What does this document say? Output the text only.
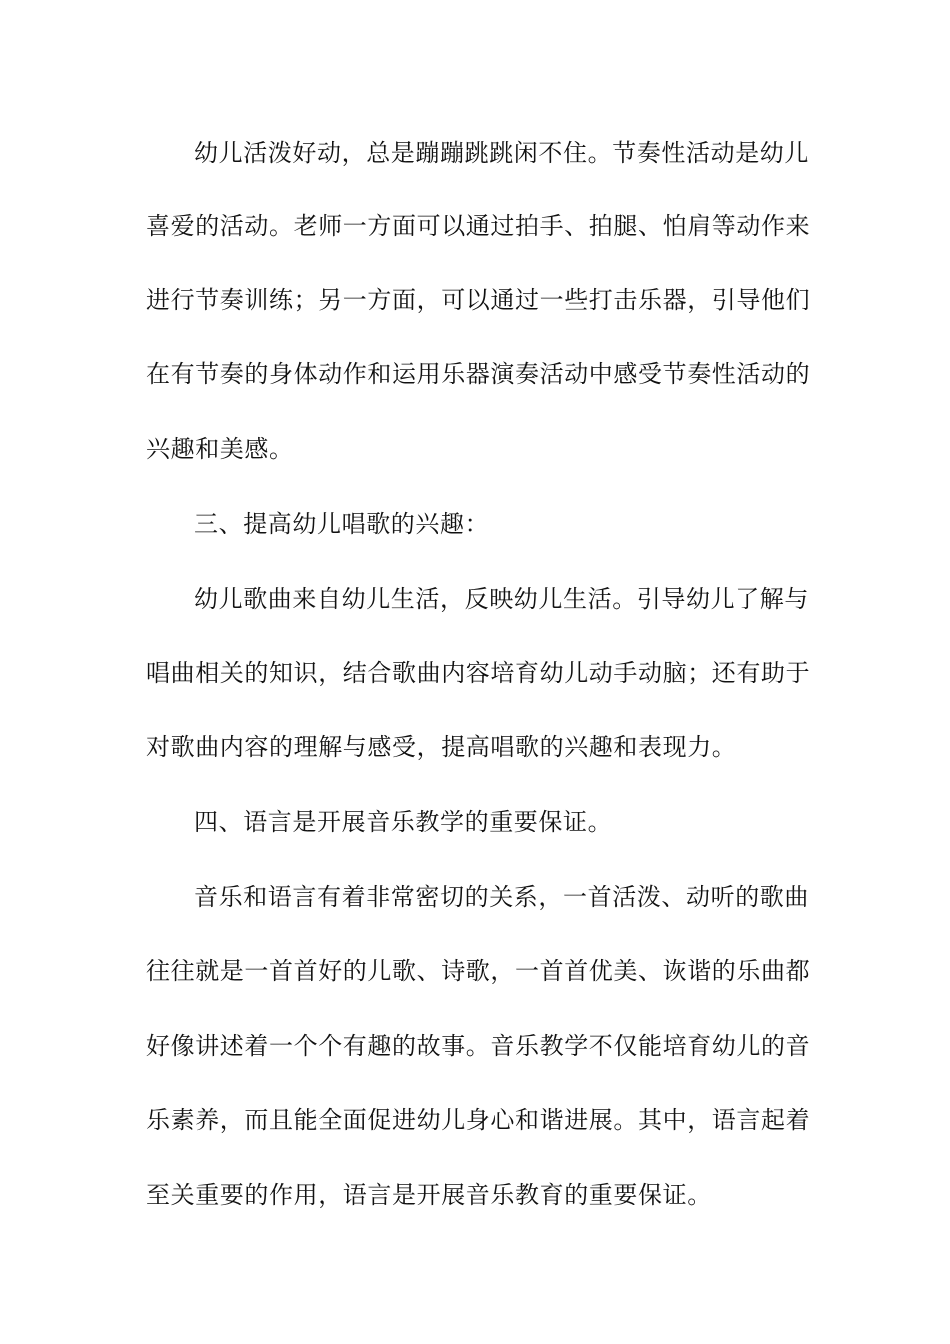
幼儿活泼好动，总是蹦蹦跳跳闲不住。节奏性活动是幼儿
喜爱的活动。老师一方面可以通过拍手、拍腿、怕肩等动作来
进行节奏训练；另一方面，可以通过一些打击乐器，引导他们
在有节奏的身体动作和运用乐器演奏活动中感受节奏性活动的
兴趣和美感。
三、提高幼儿唱歌的兴趣：
幼儿歌曲来自幼儿生活，反映幼儿生活。引导幼儿了解与
唱曲相关的知识，结合歌曲内容培育幼儿动手动脑；还有助于
对歌曲内容的理解与感受，提高唱歌的兴趣和表现力。
四、语言是开展音乐教学的重要保证。
音乐和语言有着非常密切的关系，一首活泼、动听的歌曲
往往就是一首首好的儿歌、诗歌，一首首优美、诙谐的乐曲都
好像讲述着一个个有趣的故事。音乐教学不仅能培育幼儿的音
乐素养，而且能全面促进幼儿身心和谐进展。其中，语言起着
至关重要的作用，语言是开展音乐教育的重要保证。
